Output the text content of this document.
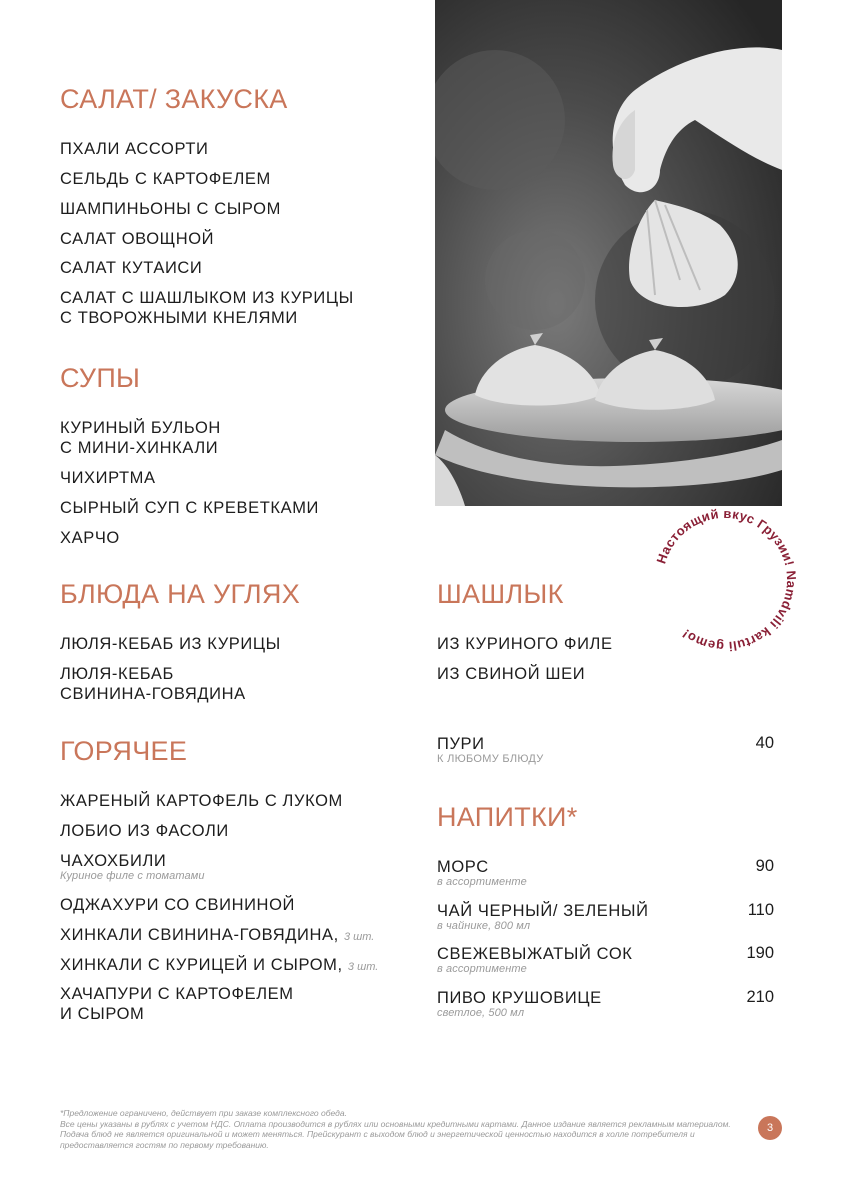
САЛАТ/ ЗАКУСКА
ПХАЛИ АССОРТИ
СЕЛЬДЬ С КАРТОФЕЛЕМ
ШАМПИНЬОНЫ С СЫРОМ
САЛАТ ОВОЩНОЙ
САЛАТ КУТАИСИ
САЛАТ С ШАШЛЫКОМ ИЗ КУРИЦЫ
С ТВОРОЖНЫМИ КНЕЛЯМИ
СУПЫ
КУРИНЫЙ БУЛЬОН
С МИНИ-ХИНКАЛИ
ЧИХИРТМА
СЫРНЫЙ СУП С КРЕВЕТКАМИ
ХАРЧО
БЛЮДА НА УГЛЯХ
ЛЮЛЯ-КЕБАБ ИЗ КУРИЦЫ
ЛЮЛЯ-КЕБАБ
СВИНИНА-ГОВЯДИНА
ГОРЯЧЕЕ
ЖАРЕНЫЙ КАРТОФЕЛЬ С ЛУКОМ
ЛОБИО ИЗ ФАСОЛИ
ЧАХОХБИЛИ
Куриное филе с томатами
ОДЖАХУРИ СО СВИНИНОЙ
ХИНКАЛИ СВИНИНА-ГОВЯДИНА, 3 шт.
ХИНКАЛИ С КУРИЦЕЙ И СЫРОМ, 3 шт.
ХАЧАПУРИ С КАРТОФЕЛЕМ
И СЫРОМ
Настоящий вкус Грузии! Namdvili kartuli gemo!
ШАШЛЫК
ИЗ КУРИНОГО ФИЛЕ
ИЗ СВИНОЙ ШЕИ
ПУРИ
К ЛЮБОМУ БЛЮДУ
40
НАПИТКИ*
МОРС
в ассортименте
90
ЧАЙ ЧЕРНЫЙ/ ЗЕЛЕНЫЙ
в чайнике, 800 мл
110
СВЕЖЕВЫЖАТЫЙ СОК
в ассортименте
190
ПИВО КРУШОВИЦЕ
светлое, 500 мл
210
*Предложение ограничено, действует при заказе комплексного обеда.
Все цены указаны в рублях с учетом НДС. Оплата производится в рублях или основными кредитными картами. Данное издание является рекламным материалом. Подача блюд не является оригинальной и может меняться. Прейскурант с выходом блюд и энергетической ценностью находится в холле потребителя и предоставляется гостям по первому требованию.
3
